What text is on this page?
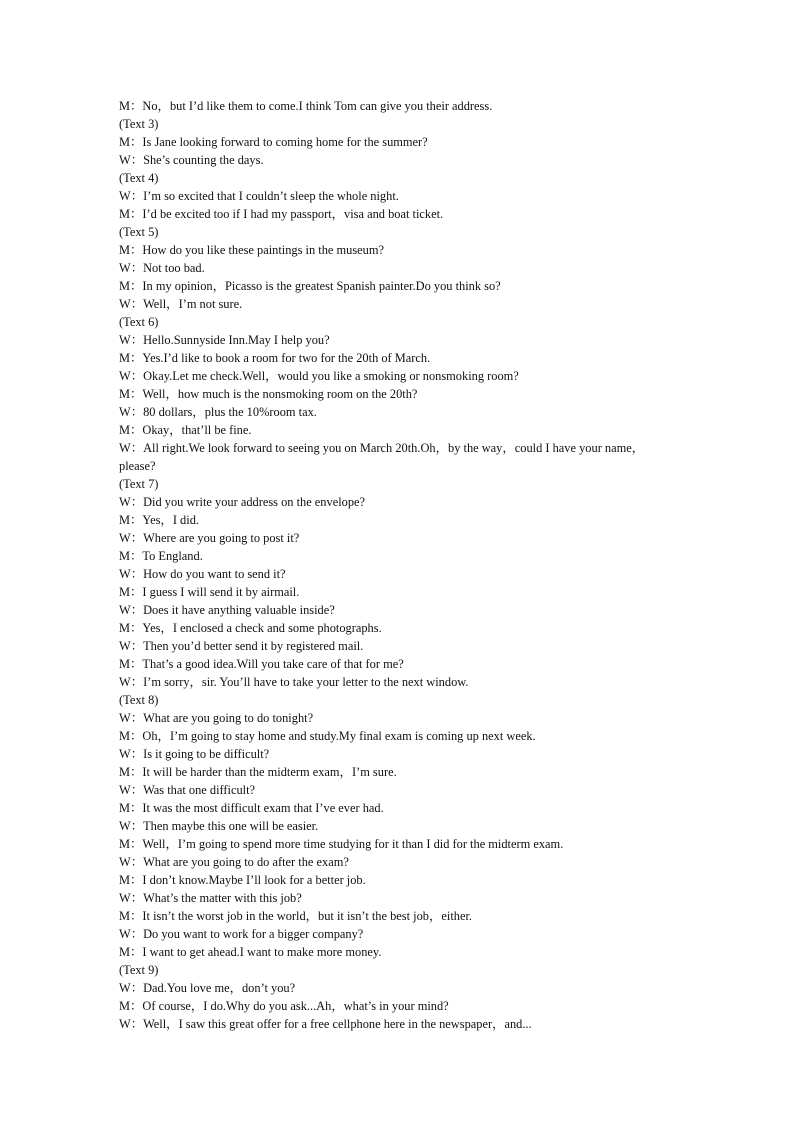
M：No，but I’d like them to come.I think Tom can give you their address.

(Text 3)

M：Is Jane looking forward to coming home for the summer?

W：She’s counting the days.

(Text 4)

W：I’m so excited that I couldn’t sleep the whole night.

M：I’d be excited too if I had my passport，visa and boat ticket.

(Text 5)

M：How do you like these paintings in the museum?

W：Not too bad.

M：In my opinion，Picasso is the greatest Spanish painter.Do you think so?

W：Well，I’m not sure.

(Text 6)

W：Hello.Sunnyside Inn.May I help you?

M：Yes.I’d like to book a room for two for the 20th of March.

W：Okay.Let me check.Well，would you like a smoking or nonsmoking room?

M：Well，how much is the nonsmoking room on the 20th?

W：80 dollars，plus the 10%room tax.

M：Okay，that’ll be fine.

W：All right.We look forward to seeing you on March 20th.Oh，by the way，could I have your name，please?

(Text 7)

W：Did you write your address on the envelope?

M：Yes，I did.

W：Where are you going to post it?

M：To England.

W：How do you want to send it?

M：I guess I will send it by airmail.

W：Does it have anything valuable inside?

M：Yes，I enclosed a check and some photographs.

W：Then you’d better send it by registered mail.

M：That’s a good idea.Will you take care of that for me?

W：I’m sorry，sir. You’ll have to take your letter to the next window.

(Text 8)

W：What are you going to do tonight?

M：Oh，I’m going to stay home and study.My final exam is coming up next week.

W：Is it going to be difficult?

M：It will be harder than the midterm exam，I’m sure.

W：Was that one difficult?

M：It was the most difficult exam that I’ve ever had.

W：Then maybe this one will be easier.

M：Well，I’m going to spend more time studying for it than I did for the midterm exam.

W：What are you going to do after the exam?

M：I don’t know.Maybe I’ll look for a better job.

W：What’s the matter with this job?

M：It isn’t the worst job in the world，but it isn’t the best job，either.

W：Do you want to work for a bigger company?

M：I want to get ahead.I want to make more money.

(Text 9)

W：Dad.You love me，don’t you?

M：Of course，I do.Why do you ask...Ah，what’s in your mind?

W：Well，I saw this great offer for a free cellphone here in the newspaper，and...
